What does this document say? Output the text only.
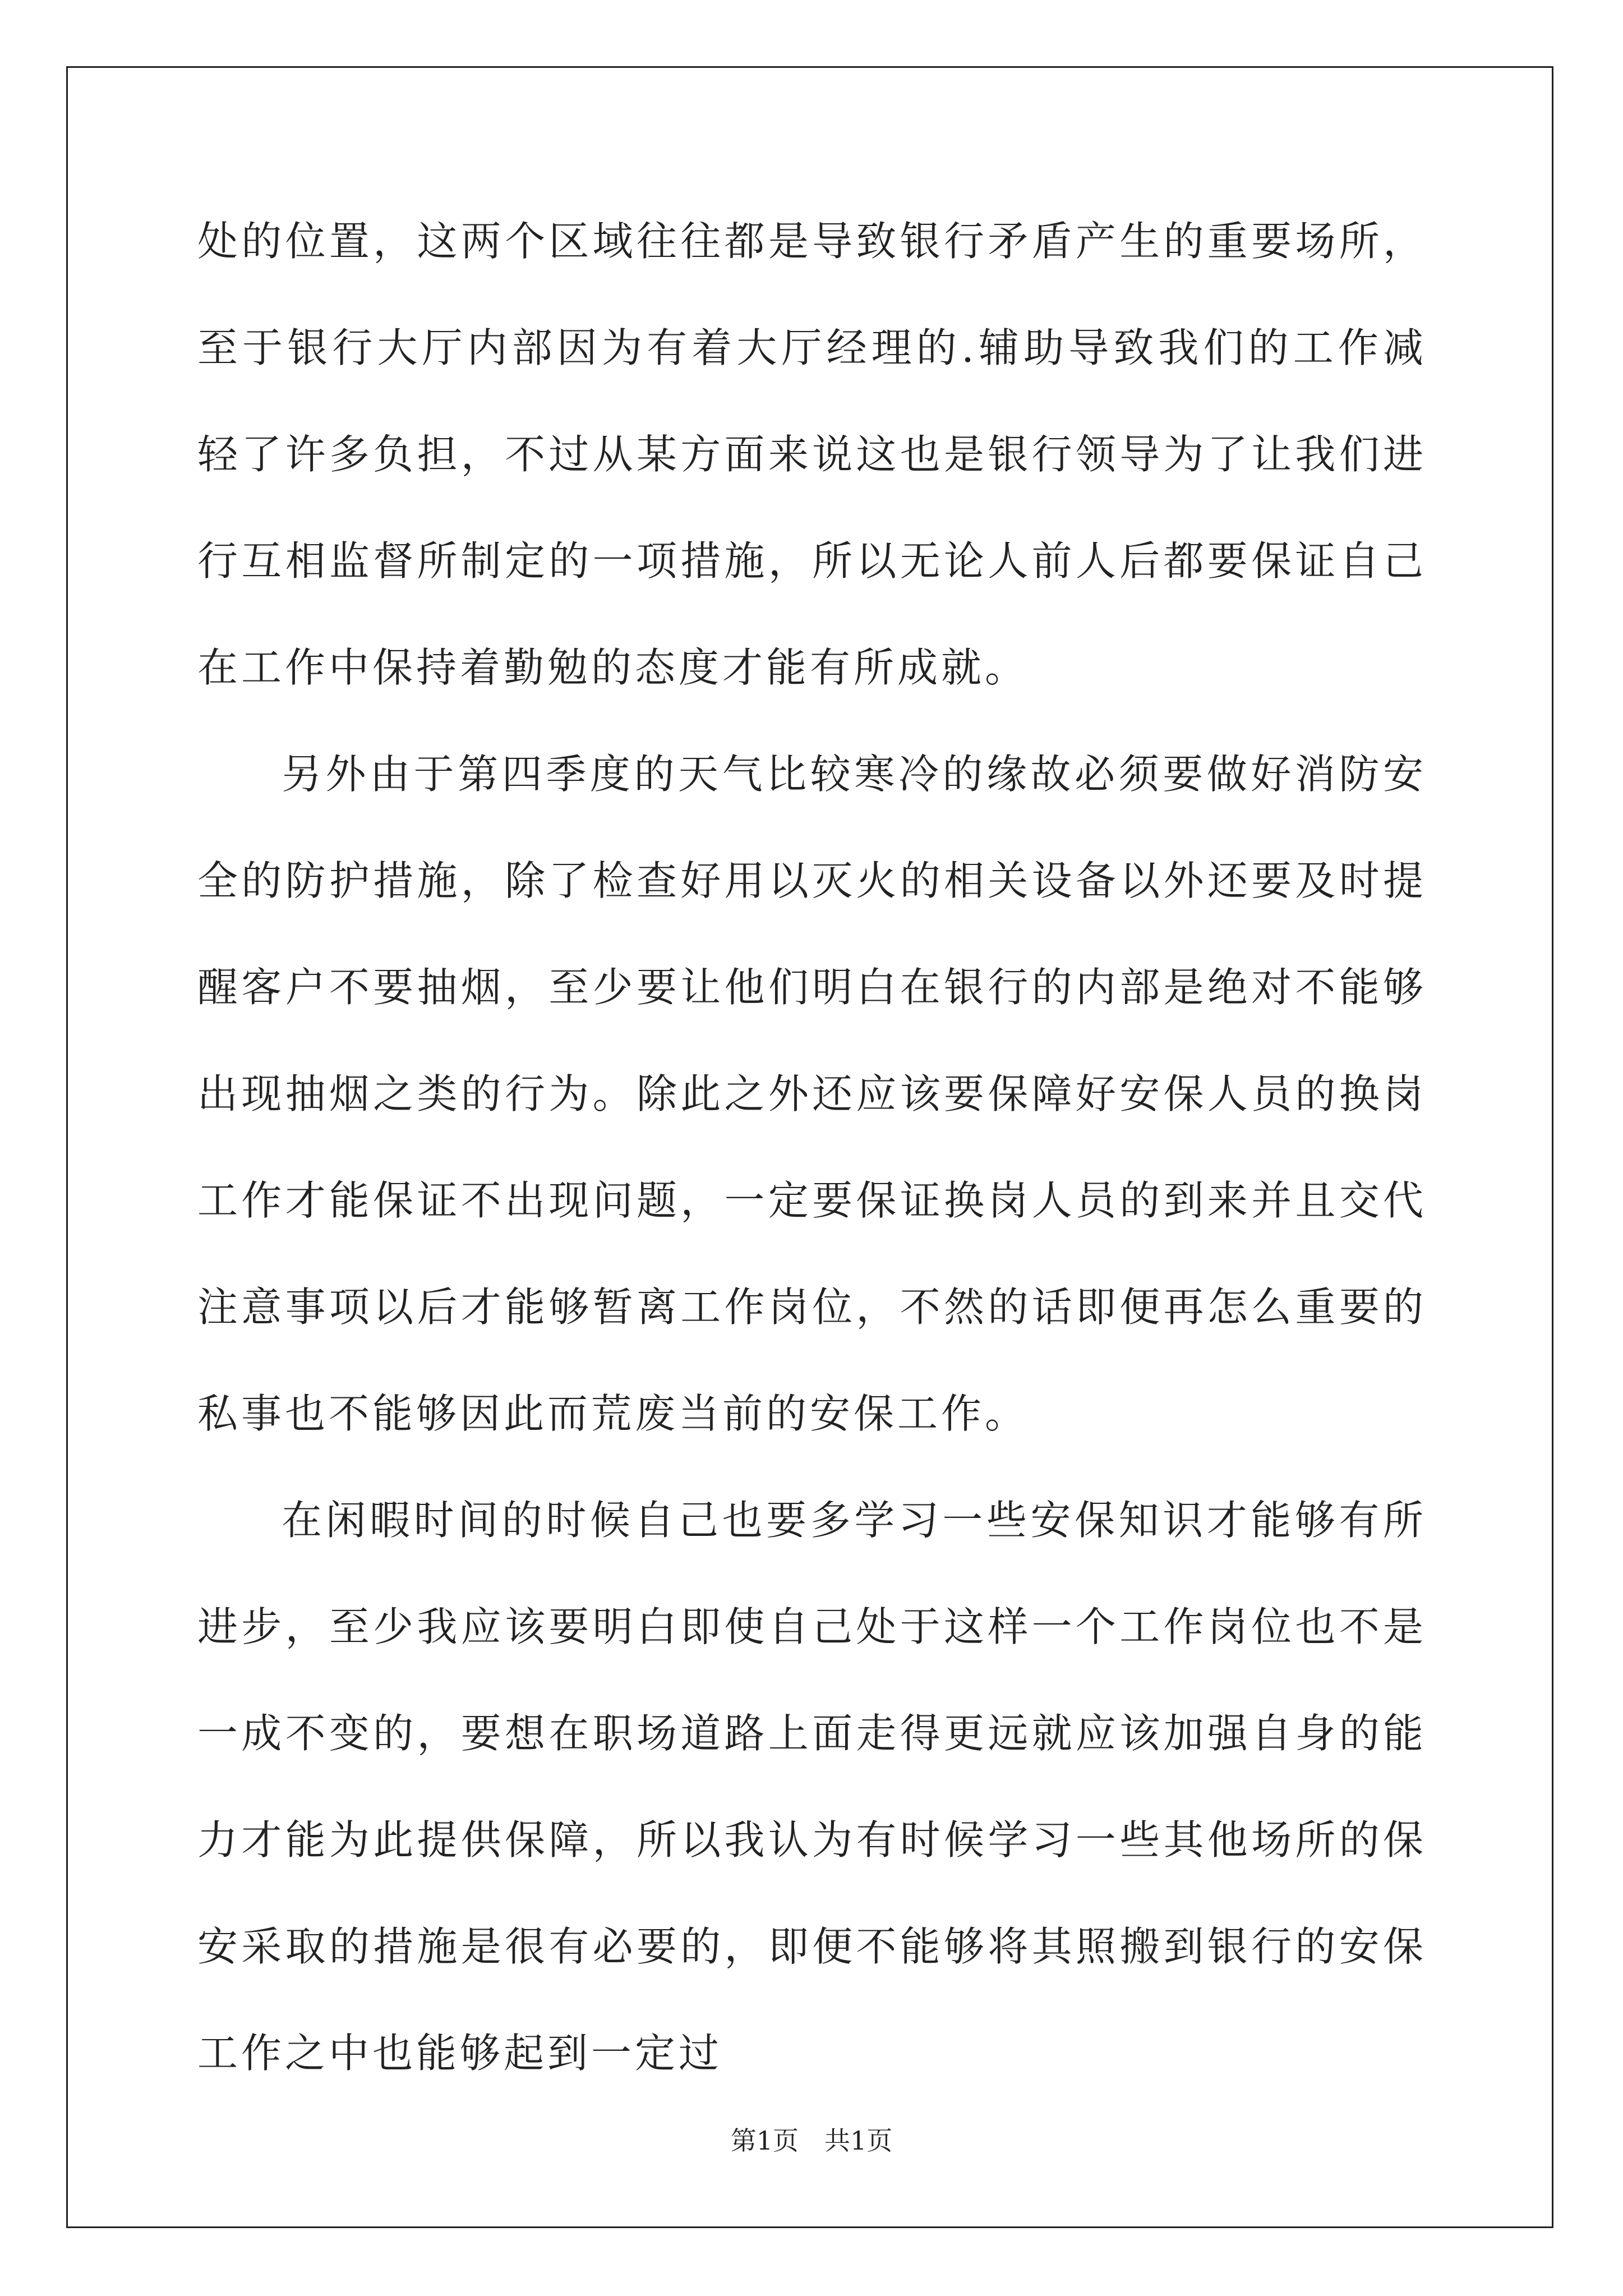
处的位置，这两个区域往往都是导致银行矛盾产生的重要场所，至于银行大厅内部因为有着大厅经理的.辅助导致我们的工作减轻了许多负担，不过从某方面来说这也是银行领导为了让我们进行互相监督所制定的一项措施，所以无论人前人后都要保证自己在工作中保持着勤勉的态度才能有所成就。

另外由于第四季度的天气比较寒冷的缘故必须要做好消防安全的防护措施，除了检查好用以灭火的相关设备以外还要及时提醒客户不要抽烟，至少要让他们明白在银行的内部是绝对不能够出现抽烟之类的行为。除此之外还应该要保障好安保人员的换岗工作才能保证不出现问题，一定要保证换岗人员的到来并且交代注意事项以后才能够暂离工作岗位，不然的话即便再怎么重要的私事也不能够因此而荒废当前的安保工作。

在闲暇时间的时候自己也要多学习一些安保知识才能够有所进步，至少我应该要明白即使自己处于这样一个工作岗位也不是一成不变的，要想在职场道路上面走得更远就应该加强自身的能力才能为此提供保障，所以我认为有时候学习一些其他场所的保安采取的措施是很有必要的，即便不能够将其照搬到银行的安保工作之中也能够起到一定过

第1页　共1页
